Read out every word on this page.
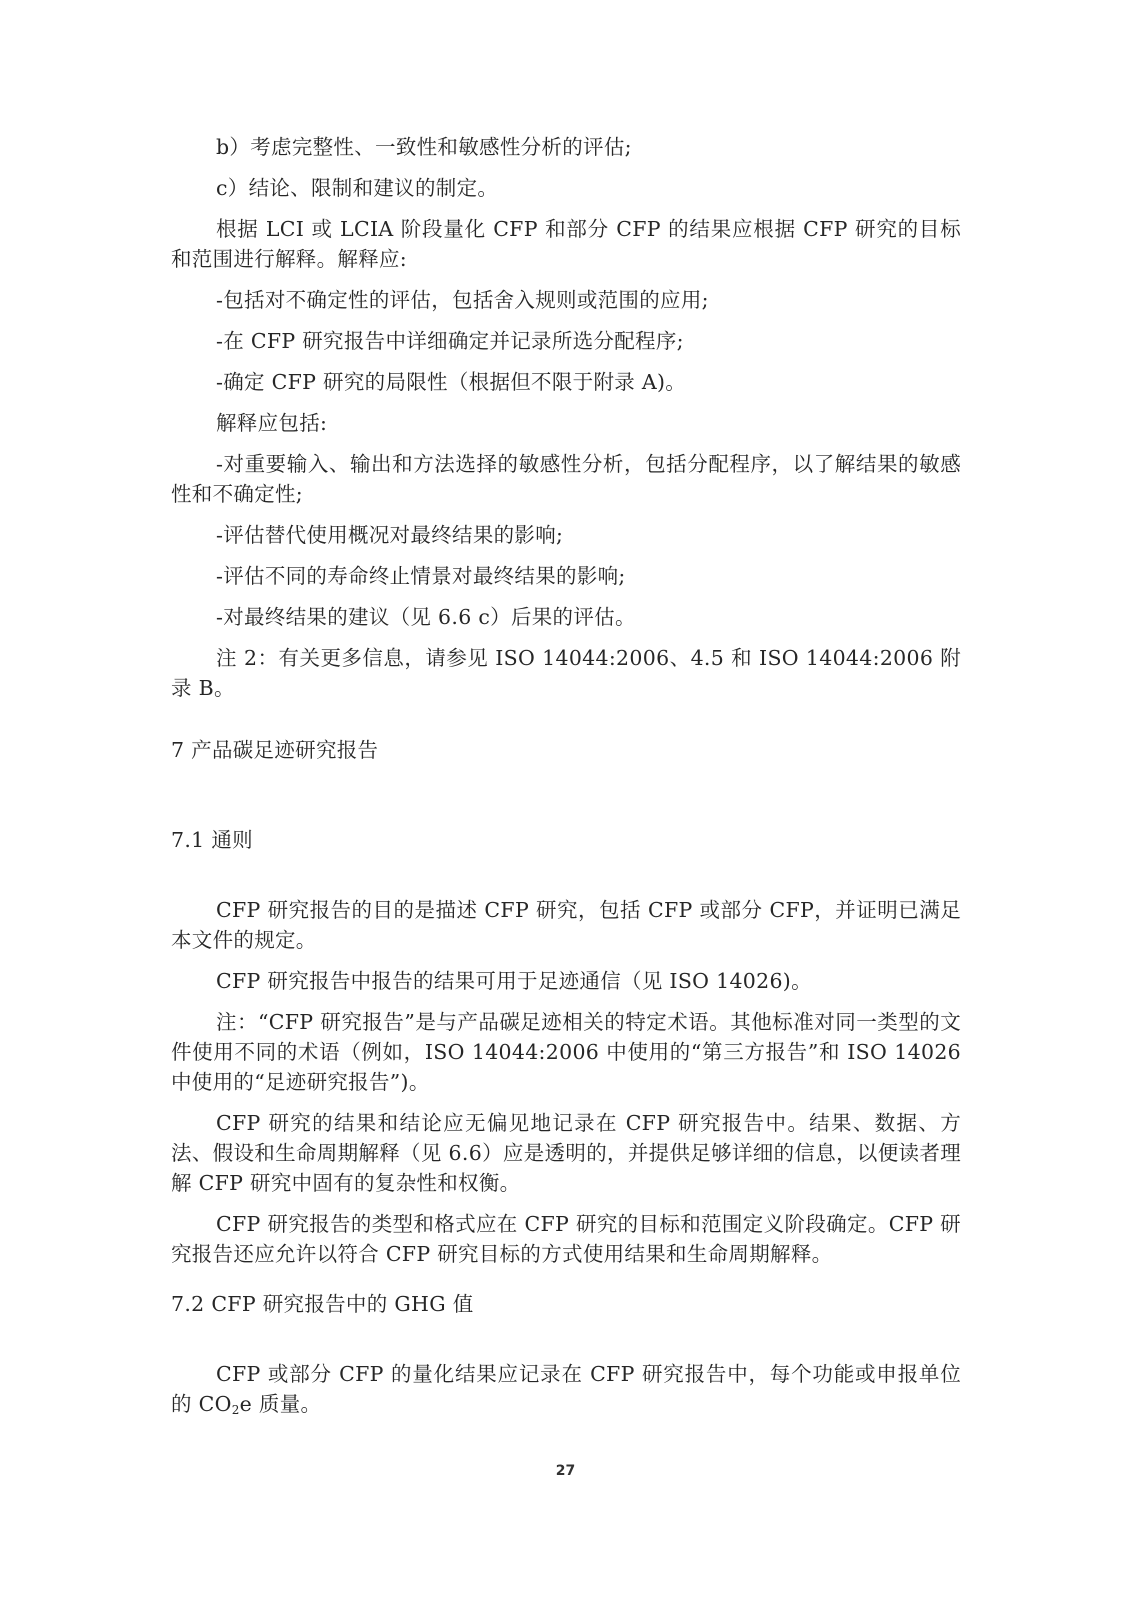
b）考虑完整性、一致性和敏感性分析的评估;

c）结论、限制和建议的制定。

根据 LCI 或 LCIA 阶段量化 CFP 和部分 CFP 的结果应根据 CFP 研究的目标和范围进行解释。解释应:

-包括对不确定性的评估，包括舍入规则或范围的应用;

-在 CFP 研究报告中详细确定并记录所选分配程序;

-确定 CFP 研究的局限性（根据但不限于附录 A)。

解释应包括:

-对重要输入、输出和方法选择的敏感性分析，包括分配程序，以了解结果的敏感性和不确定性;

-评估替代使用概况对最终结果的影响;

-评估不同的寿命终止情景对最终结果的影响;

-对最终结果的建议（见 6.6 c）后果的评估。

注 2：有关更多信息，请参见 ISO 14044:2006、4.5 和 ISO 14044:2006 附录 B。

7 产品碳足迹研究报告

7.1 通则

CFP 研究报告的目的是描述 CFP 研究，包括 CFP 或部分 CFP，并证明已满足本文件的规定。

CFP 研究报告中报告的结果可用于足迹通信（见 ISO 14026)。

注：“CFP 研究报告”是与产品碳足迹相关的特定术语。其他标准对同一类型的文件使用不同的术语（例如，ISO 14044:2006 中使用的“第三方报告”和 ISO 14026 中使用的“足迹研究报告”)。

CFP 研究的结果和结论应无偏见地记录在 CFP 研究报告中。结果、数据、方法、假设和生命周期解释（见 6.6）应是透明的，并提供足够详细的信息，以便读者理解 CFP 研究中固有的复杂性和权衡。

CFP 研究报告的类型和格式应在 CFP 研究的目标和范围定义阶段确定。CFP 研究报告还应允许以符合 CFP 研究目标的方式使用结果和生命周期解释。

7.2 CFP 研究报告中的 GHG 值

CFP 或部分 CFP 的量化结果应记录在 CFP 研究报告中，每个功能或申报单位的 $CO_2e$ 质量。

27
